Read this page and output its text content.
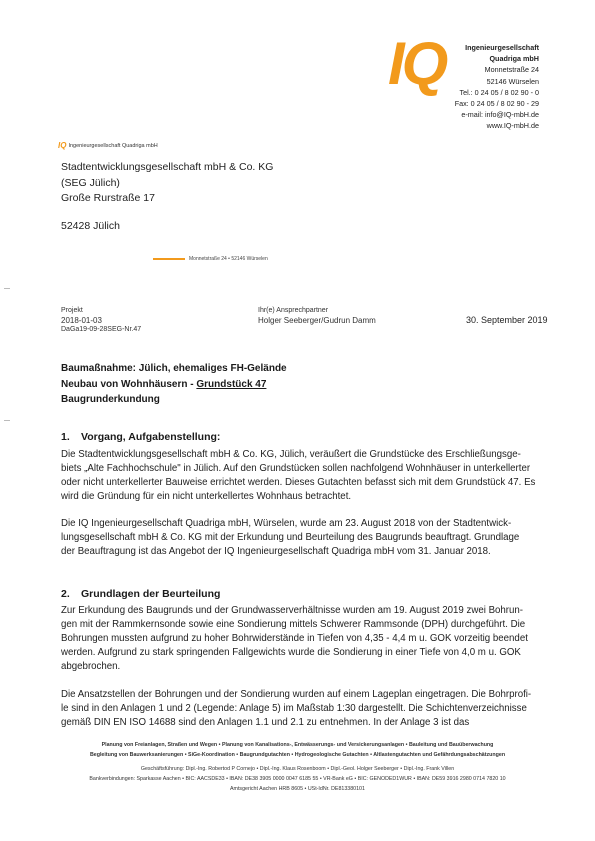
IQ	Ingenieurgesellschaft
Quadriga mbH
Monnetstraße 24
52146 Würselen
Tel.: 0 24 05 / 8 02 90 - 0
Fax: 0 24 05 / 8 02 90 - 29
e-mail: info@IQ-mbH.de
www.IQ-mbH.de
IQ Ingenieurgesellschaft Quadriga mbH
Stadtentwicklungsgesellschaft mbH & Co. KG
(SEG Jülich)
Große Rurstraße 17
52428 Jülich
Monnetstraße 24 • 52146 Würselen
Projekt
2018-01-03
DaGa19-09-28SEG-Nr.47
Ihr(e) Ansprechpartner
Holger Seeberger/Gudrun Damm	30. September 2019
Baumaßnahme: Jülich, ehemaliges FH-Gelände
Neubau von Wohnhäusern - Grundstück 47
Baugrunderkundung
1. Vorgang, Aufgabenstellung:
Die Stadtentwicklungsgesellschaft mbH & Co. KG, Jülich, veräußert die Grundstücke des Erschließungsge-
biets „Alte Fachhochschule" in Jülich. Auf den Grundstücken sollen nachfolgend Wohnhäuser in unterkellerter
oder nicht unterkellerter Bauweise errichtet werden. Dieses Gutachten befasst sich mit dem Grundstück 47. Es
wird die Gründung für ein nicht unterkellertes Wohnhaus betrachtet.
Die IQ Ingenieurgesellschaft Quadriga mbH, Würselen, wurde am 23. August 2018 von der Stadtentwick-
lungsgesellschaft mbH & Co. KG mit der Erkundung und Beurteilung des Baugrunds beauftragt. Grundlage
der Beauftragung ist das Angebot der IQ Ingenieurgesellschaft Quadriga mbH vom 31. Januar 2018.
2. Grundlagen der Beurteilung
Zur Erkundung des Baugrunds und der Grundwasserverhältnisse wurden am 19. August 2019 zwei Bohrun-
gen mit der Rammkernsonde sowie eine Sondierung mittels Schwerer Rammsonde (DPH) durchgeführt. Die
Bohrungen mussten aufgrund zu hoher Bohrwiderstände in Tiefen von 4,35 - 4,4 m u. GOK vorzeitig beendet
werden. Aufgrund zu stark springenden Fallgewichts wurde die Sondierung in einer Tiefe von 4,0 m u. GOK
abgebrochen.
Die Ansatzstellen der Bohrungen und der Sondierung wurden auf einem Lageplan eingetragen. Die Bohrprofi-
le sind in den Anlagen 1 und 2 (Legende: Anlage 5) im Maßstab 1:30 dargestellt. Die Schichtenverzeichnisse
gemäß DIN EN ISO 14688 sind den Anlagen 1.1 und 2.1 zu entnehmen. In der Anlage 3 ist das
Planung von Freianlagen, Straßen und Wegen • Planung von Kanalisations-, Entwässerungs- und Versickerungsanlagen • Bauleitung und Bauüberwachung
Begleitung von Bauwerksanierungen • SiGe-Koordination • Baugrundgutachten • Hydrogeologische Gutachten • Altlastengutachten und Gefährdungsabschätzungen
Geschäftsführung: Dipl.-Ing. Robertod P Cornejo • Dipl.-Ing. Klaus Rosenboom • Dipl.-Geol. Holger Seeberger • Dipl.-Ing. Frank Villen
Bankverbindungen: Sparkasse Aachen • BIC: AACSDE33 • IBAN: DE38 3905 0000 0047 6185 55 • VR-Bank eG • BIC: GENODED1WUR • IBAN: DE59 3916 2980 0714 7820 10
Amtsgericht Aachen HRB 8605 • USt-IdNr. DE813380101
